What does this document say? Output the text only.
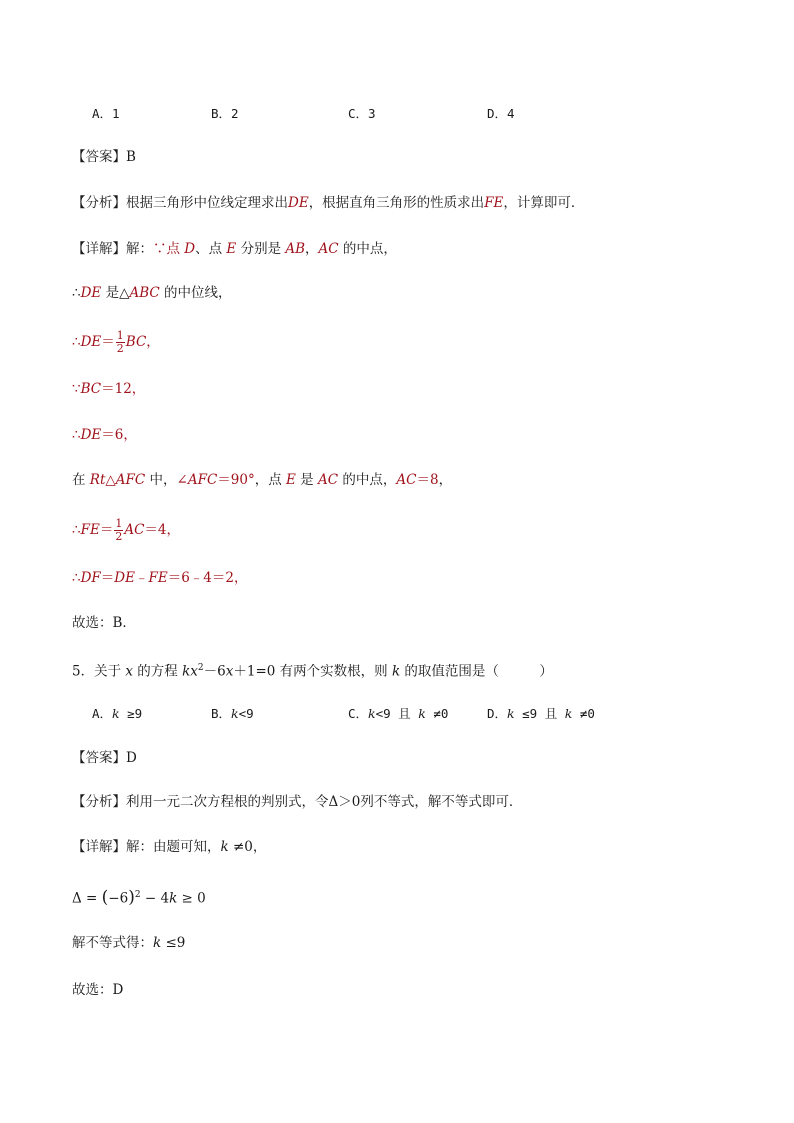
A．1	B．2	C．3	D．4
【答案】B
【分析】根据三角形中位线定理求出DE，根据直角三角形的性质求出FE，计算即可．
【详解】解：∵点 D、点 E 分别是 AB，AC 的中点，
∴DE 是△ABC 的中位线，
∴DE＝ $\frac{1}{2}$ BC，
∵BC＝12，
∴DE＝6，
在 Rt△AFC 中，∠AFC＝90°，点 E 是 AC 的中点，AC＝8，
∴FE＝ $\frac{1}{2} AC=4$，
∴DF＝DE﹣FE＝6﹣4＝2，
故选：B．
5．关于 x 的方程 $kx^2-6x+1=0$ 有两个实数根，则 k 的取值范围是（　　　）
A．k ≥9	B．k<9	C．k<9 且 k ≠0	D．k ≤9 且 k ≠0
【答案】D
【分析】利用一元二次方程根的判别式，令Δ＞0列不等式，解不等式即可．
【详解】解：由题可知，k ≠0，
$\Delta = (-6)^2 - 4k \ge 0$
解不等式得：k ≤9
故选：D
